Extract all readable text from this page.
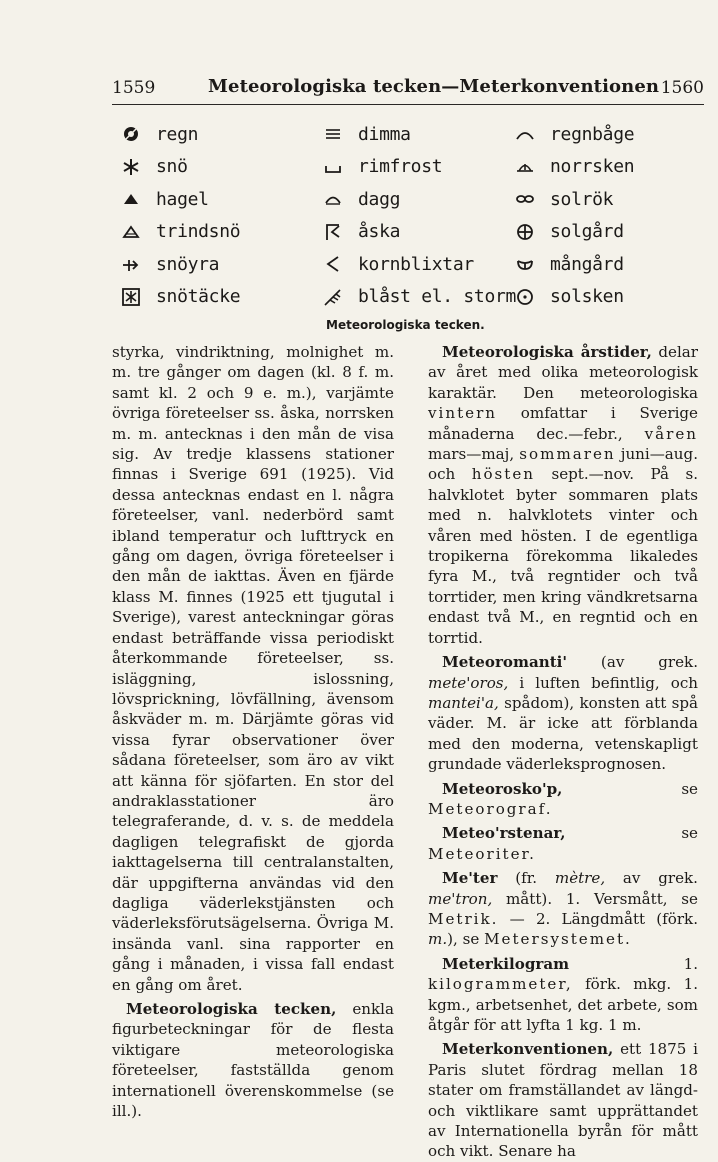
1559	Meteorologiska tecken—Meterkonventionen 1560
regn
snö
hagel
trindsnö
snöyra
snötäcke
dimma
rimfrost
dagg
åska
kornblixtar
blåst el. storm
regnbåge
norrsken
solrök
solgård
mångård
solsken
Meteorologiska tecken.

styrka, vindriktning, molnighet m. m. tre gånger om dagen (kl. 8 f. m. samt kl. 2 och 9 e. m.), varjämte övriga företeelser ss. åska, norrsken m. m. antecknas i den mån de visa sig. Av tredje klassens stationer finnas i Sverige 691 (1925). Vid dessa antecknas endast en l. några företeelser, vanl. nederbörd samt ibland temperatur och lufttryck en gång om dagen, övriga företeelser i den mån de iakttas. Även en fjärde klass M. finnes (1925 ett tjugutal i Sverige), varest anteckningar göras endast beträffande vissa periodiskt återkommande företeelser, ss. isläggning, islossning, lövsprickning, lövfällning, ävensom åskväder m. m. Därjämte göras vid vissa fyrar observationer över sådana företeelser, som äro av vikt att känna för sjöfarten. En stor del andraklasstationer äro telegraferande, d. v. s. de meddela dagligen telegrafiskt de gjorda iakttagelserna till centralanstalten, där uppgifterna användas vid den dagliga väderlekstjänsten och väderleksförutsägelserna. Övriga M. insända vanl. sina rapporter en gång i månaden, i vissa fall endast en gång om året.

Meteorologiska tecken, enkla figurbeteckningar för de flesta viktigare meteorologiska företeelser, fastställda genom internationell överenskommelse (se ill.).

Meteorologiska årstider, delar av året med olika meteorologisk karaktär. Den meteorologiska vintern omfattar i Sverige månaderna dec.—febr., våren mars—maj, sommaren juni—aug. och hösten sept.—nov. På s. halvklotet byter sommaren plats med n. halvklotets vinter och våren med hösten. I de egentliga tropikerna förekomma likaledes fyra M., två regntider och två torrtider, men kring vändkretsarna endast två M., en regntid och en torrtid.

Meteoromanti' (av grek. mete'oros, i luften befintlig, och mantei'a, spådom), konsten att spå väder. M. är icke att förblanda med den moderna, vetenskapligt grundade väderleksprognosen.

Meteorosko'p, se Meteorograf.

Meteo'rstenar, se Meteoriter.

Me'ter (fr. mètre, av grek. me'tron, mått). 1. Versmått, se Metrik. — 2. Längdmått (förk. m.), se Metersystemet.

Meterkilogram 1. kilogrammeter, förk. mkg. 1. kgm., arbetsenhet, det arbete, som åtgår för att lyfta 1 kg. 1 m.

Meterkonventionen, ett 1875 i Paris slutet fördrag mellan 18 stater om framställandet av längd- och viktlikare samt upprättandet av Internationella byrån för mått och vikt. Senare ha
